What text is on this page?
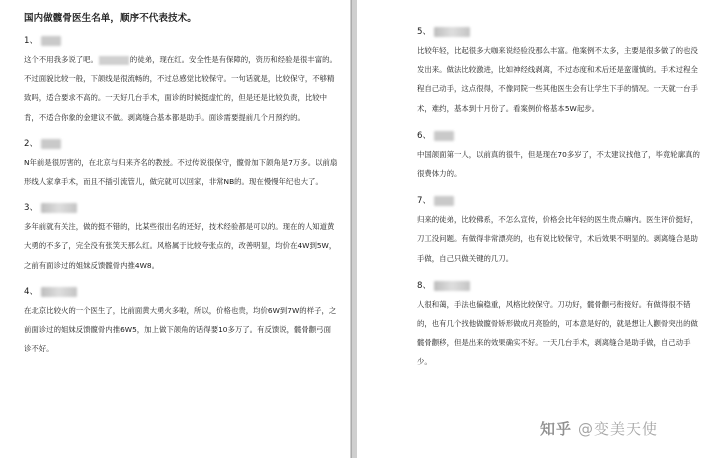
国内做髋骨医生名单，顺序不代表技术。
1、
这个不用我多说了吧。	的徒弟，现在红。安全性是有保障的，资历和经验是很丰富的。不过面貌比较一般，下颌线是很流畅的，不过总感觉比较保守。一句话就是，比较保守，不够精致吗，适合要求不高的。一天好几台手术，面诊的时候挺虚忙的，但是还是比较负责，比较中肯，不适合你象的金建议不做。剥离缝合基本都是助手。面诊需要提前几个月预约的。
2、
N年前是很厉害的，在北京与归来齐名的教授。不过传说很保守，髋骨加下颌角是7万多。以前扇形线人家拿手术，而且不插引流管儿，做完就可以回家，非常NB的。现在慢慢年纪也大了。
3、
多年前就有关注，做的挺不错的，比某些很出名的还好，技术经验都是可以的。现在的人知道黄大勇的不多了，完全没有张笑天那么红。风格属于比较夸张点的，改善明显，均价在4W到5W，之前有面诊过的姐妹反馈髋骨内推4W8。
4、
在北京比较火的一个医生了，比前面黄大勇火多啦，所以，价格也贵，均价6W到7W的样子，之前面诊过的姐妹反馈髋骨内推6W5，加上做下颌角的话得要10多万了。有反馈说，髋骨颧弓面诊不好。
5、
比较年轻，比起很多大咖来说经验没那么丰富。他案例不太多，主要是很多做了的也没发出来。做法比较激进，比如神经线剥离，不过态度和术后还是蛮谨慎的。手术过程全程自己动手，这点很得，不像同院一些其他医生会有让学生下手的情况。一天就一台手术，难约，基本到十月份了。看案例价格基本5W起步。
6、
中国颌面第一人，以前真的很牛，但是现在70多岁了，不太建议找他了，毕竟轮廓真的很费体力的。
7、
归来的徒弟，比较佛系，不怎么宣传，价格会比年轻的医生贵点嘛内。医生评价挺好，刀工没问题。有做得非常漂亮的，也有说比较保守，术后效果不明显的。剥离缝合是助手做，自己只做关键的几刀。
8、
人很和蔼，手法也偏稳重，风格比较保守。刀功好，髋骨颧弓衔接好。有做得很不错的，也有几个找他做髋骨矫形做成月亮脸的，可本意是好的，就是想让人颧骨突出的做髋骨颧移，但是出来的效果确实不好。一天几台手术，剥离缝合是助手做，自己动手少。
知乎 @变美天使
